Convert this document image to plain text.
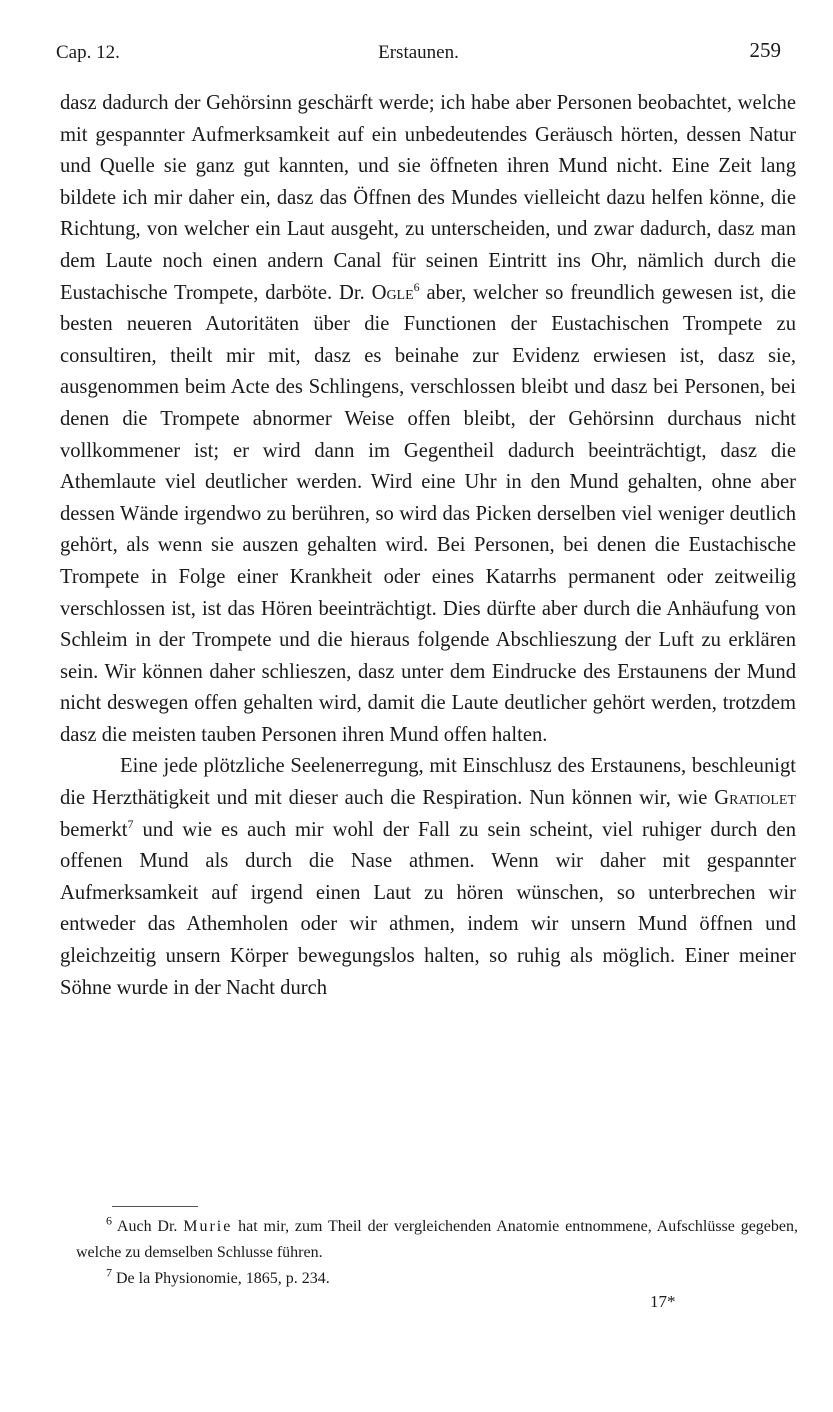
Cap. 12.	Erstaunen.	259

dasz dadurch der Gehörsinn geschärft werde; ich habe aber Personen beobachtet, welche mit gespannter Aufmerksamkeit auf ein unbedeutendes Geräusch hörten, dessen Natur und Quelle sie ganz gut kannten, und sie öffneten ihren Mund nicht. Eine Zeit lang bildete ich mir daher ein, dasz das Öffnen des Mundes vielleicht dazu helfen könne, die Richtung, von welcher ein Laut ausgeht, zu unterscheiden, und zwar dadurch, dasz man dem Laute noch einen andern Canal für seinen Eintritt ins Ohr, nämlich durch die Eustachische Trompete, darböte. Dr. Ogle$^6$ aber, welcher so freundlich gewesen ist, die besten neueren Autoritäten über die Functionen der Eustachischen Trompete zu consultiren, theilt mir mit, dasz es beinahe zur Evidenz erwiesen ist, dasz sie, ausgenommen beim Acte des Schlingens, verschlossen bleibt und dasz bei Personen, bei denen die Trompete abnormer Weise offen bleibt, der Gehörsinn durchaus nicht vollkommener ist; er wird dann im Gegentheil dadurch beeinträchtigt, dasz die Athemlaute viel deutlicher werden. Wird eine Uhr in den Mund gehalten, ohne aber dessen Wände irgendwo zu berühren, so wird das Picken derselben viel weniger deutlich gehört, als wenn sie auszen gehalten wird. Bei Personen, bei denen die Eustachische Trompete in Folge einer Krankheit oder eines Katarrhs permanent oder zeitweilig verschlossen ist, ist das Hören beeinträchtigt. Dies dürfte aber durch die Anhäufung von Schleim in der Trompete und die hieraus folgende Abschlieszung der Luft zu erklären sein. Wir können daher schlieszen, dasz unter dem Eindrucke des Erstaunens der Mund nicht deswegen offen gehalten wird, damit die Laute deutlicher gehört werden, trotzdem dasz die meisten tauben Personen ihren Mund offen halten.

Eine jede plötzliche Seelenerregung, mit Einschlusz des Erstaunens, beschleunigt die Herzthätigkeit und mit dieser auch die Respiration. Nun können wir, wie Gratiolet bemerkt$^7$ und wie es auch mir wohl der Fall zu sein scheint, viel ruhiger durch den offenen Mund als durch die Nase athmen. Wenn wir daher mit gespannter Aufmerksamkeit auf irgend einen Laut zu hören wünschen, so unterbrechen wir entweder das Athemholen oder wir athmen, indem wir unsern Mund öffnen und gleichzeitig unsern Körper bewegungslos halten, so ruhig als möglich. Einer meiner Söhne wurde in der Nacht durch

$^6$ Auch Dr. Murie hat mir, zum Theil der vergleichenden Anatomie entnommene, Aufschlüsse gegeben, welche zu demselben Schlusse führen.

$^7$ De la Physionomie, 1865, p. 234.

17*
